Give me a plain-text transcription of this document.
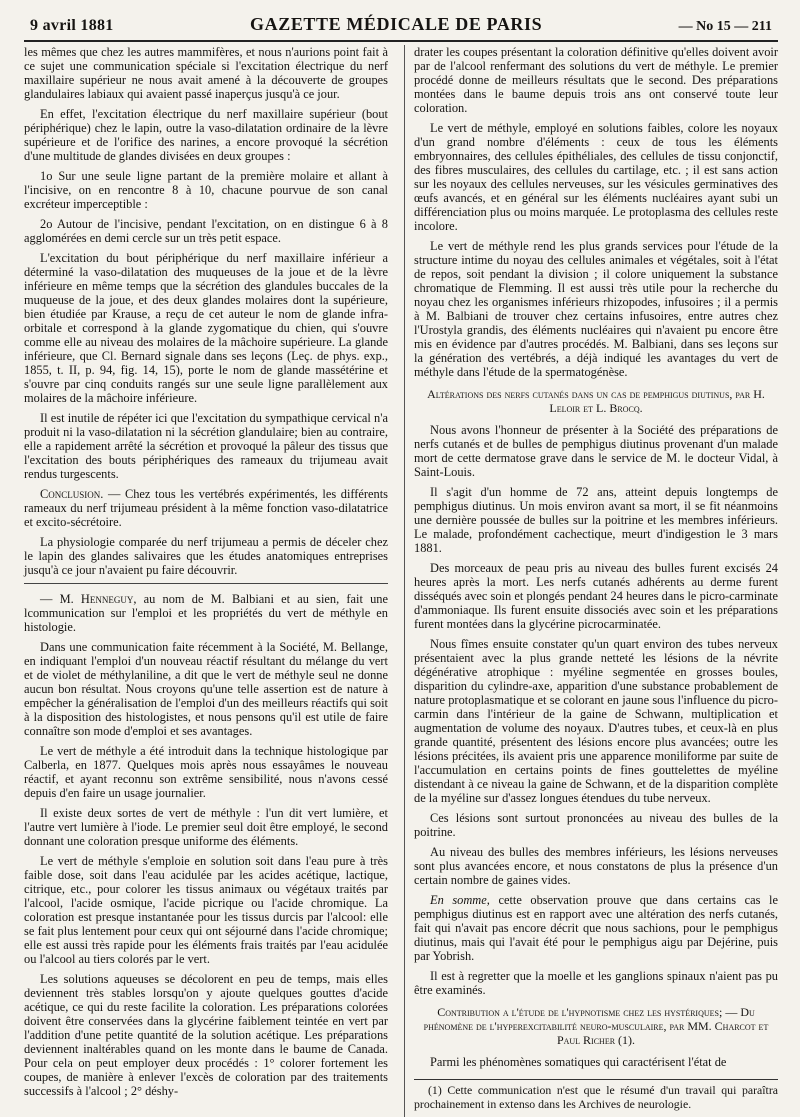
9 avril 1881	GAZETTE MÉDICALE DE PARIS	— No 15 — 211

les mêmes que chez les autres mammifères, et nous n'aurions point fait à ce sujet une communication spéciale si l'excitation électrique du nerf maxillaire supérieur ne nous avait amené à la découverte de groupes glandulaires labiaux qui avaient passé inaperçus jusqu'à ce jour.

En effet, l'excitation électrique du nerf maxillaire supérieur (bout périphérique) chez le lapin, outre la vaso-dilatation ordinaire de la lèvre supérieure et de l'orifice des narines, a encore provoqué la sécrétion d'une multitude de glandes divisées en deux groupes :

1o Sur une seule ligne partant de la première molaire et allant à l'incisive, on en rencontre 8 à 10, chacune pourvue de son canal excréteur imperceptible :

2o Autour de l'incisive, pendant l'excitation, on en distingue 6 à 8 agglomérées en demi cercle sur un très petit espace.

L'excitation du bout périphérique du nerf maxillaire inférieur a déterminé la vaso-dilatation des muqueuses de la joue et de la lèvre inférieure en même temps que la sécrétion des glandules buccales de la muqueuse de la joue, et des deux glandes molaires dont la supérieure, bien étudiée par Krause, a reçu de cet auteur le nom de glande infra-orbitale et correspond à la glande zygomatique du chien, qui s'ouvre comme elle au niveau des molaires de la mâchoire supérieure. La glande inférieure, que Cl. Bernard signale dans ses leçons (Leç. de phys. exp., 1855, t. II, p. 94, fig. 14, 15), porte le nom de glande massétérine et s'ouvre par cinq conduits rangés sur une seule ligne parallèlement aux molaires de la mâchoire inférieure.

Il est inutile de répéter ici que l'excitation du sympathique cervical n'a produit ni la vaso-dilatation ni la sécrétion glandulaire; bien au contraire, elle a rapidement arrêté la sécrétion et provoqué la pâleur des tissus que l'excitation des bouts périphériques des rameaux du trijumeau avait rendus turgescents.

Conclusion. — Chez tous les vertébrés expérimentés, les différents rameaux du nerf trijumeau président à la même fonction vaso-dilatatrice et excito-sécrétoire.

La physiologie comparée du nerf trijumeau a permis de déceler chez le lapin des glandes salivaires que les études anatomiques entreprises jusqu'à ce jour n'avaient pu faire découvrir.

— M. Henneguy, au nom de M. Balbiani et au sien, fait une lcommunication sur l'emploi et les propriétés du vert de méthyle en histologie.

Dans une communication faite récemment à la Société, M. Bellange, en indiquant l'emploi d'un nouveau réactif résultant du mélange du vert et de violet de méthylaniline, a dit que le vert de méthyle seul ne donne aucun bon résultat. Nous croyons qu'une telle assertion est de nature à empêcher la généralisation de l'emploi d'un des meilleurs réactifs qui soit à la disposition des histologistes, et nous pensons qu'il est utile de faire connaître son mode d'emploi et ses avantages.

Le vert de méthyle a été introduit dans la technique histologique par Calberla, en 1877. Quelques mois après nous essayâmes le nouveau réactif, et ayant reconnu son extrême sensibilité, nous n'avons cessé depuis d'en faire un usage journalier.

Il existe deux sortes de vert de méthyle : l'un dit vert lumière, et l'autre vert lumière à l'iode. Le premier seul doit être employé, le second donnant une coloration presque uniforme des éléments.

Le vert de méthyle s'emploie en solution soit dans l'eau pure à très faible dose, soit dans l'eau acidulée par les acides acétique, lactique, citrique, etc., pour colorer les tissus animaux ou végétaux traités par l'alcool, l'acide osmique, l'acide picrique ou l'acide chromique. La coloration est presque instantanée pour les tissus durcis par l'alcool: elle se fait plus lentement pour ceux qui ont séjourné dans l'acide chromique; elle est aussi très rapide pour les éléments frais traités par l'eau acidulée ou l'alcool au tiers colorés par le vert.

Les solutions aqueuses se décolorent en peu de temps, mais elles deviennent très stables lorsqu'on y ajoute quelques gouttes d'acide acétique, ce qui du reste facilite la coloration. Les préparations colorées doivent être conservées dans la glycérine faiblement teintée en vert par l'addition d'une petite quantité de la solution acétique. Les préparations deviennent inaltérables quand on les monte dans le baume de Canada. Pour cela on peut employer deux procédés : 1° colorer fortement les coupes, de manière à enlever l'excès de coloration par des traitements successifs à l'alcool ; 2° déshy-

drater les coupes présentant la coloration définitive qu'elles doivent avoir par de l'alcool renfermant des solutions du vert de méthyle. Le premier procédé donne de meilleurs résultats que le second. Des préparations montées dans le baume depuis trois ans ont conservé toute leur coloration.

Le vert de méthyle, employé en solutions faibles, colore les noyaux d'un grand nombre d'éléments : ceux de tous les éléments embryonnaires, des cellules épithéliales, des cellules de tissu conjonctif, des fibres musculaires, des cellules du cartilage, etc. ; il est sans action sur les noyaux des cellules nerveuses, sur les vésicules germinatives des œufs avancés, et en général sur les éléments nucléaires ayant subi un différenciation plus ou moins marquée. Le protoplasma des cellules reste incolore.

Le vert de méthyle rend les plus grands services pour l'étude de la structure intime du noyau des cellules animales et végétales, soit à l'état de repos, soit pendant la division ; il colore uniquement la substance chromatique de Flemming. Il est aussi très utile pour la recherche du noyau chez les organismes inférieurs rhizopodes, infusoires ; il a permis à M. Balbiani de trouver chez certains infusoires, entre autres chez l'Urostyla grandis, des éléments nucléaires qui n'avaient pu encore être mis en évidence par d'autres procédés. M. Balbiani, dans ses leçons sur la génération des vertébrés, a déjà indiqué les avantages du vert de méthyle dans l'étude de la spermatogénèse.

Altérations des nerfs cutanés dans un cas de pemphigus diutinus, par H. Leloir et L. Brocq.

Nous avons l'honneur de présenter à la Société des préparations de nerfs cutanés et de bulles de pemphigus diutinus provenant d'un malade mort de cette dermatose grave dans le service de M. le docteur Vidal, à Saint-Louis.

Il s'agit d'un homme de 72 ans, atteint depuis longtemps de pemphigus diutinus. Un mois environ avant sa mort, il se fit néanmoins une dernière poussée de bulles sur la poitrine et les membres inférieurs. Le malade, profondément cachectique, meurt d'indigestion le 3 mars 1881.

Des morceaux de peau pris au niveau des bulles furent excisés 24 heures après la mort. Les nerfs cutanés adhérents au derme furent disséqués avec soin et plongés pendant 24 heures dans le picro-carminate d'ammoniaque. Ils furent ensuite dissociés avec soin et les préparations furent montées dans la glycérine picrocarminatée.

Nous fîmes ensuite constater qu'un quart environ des tubes nerveux présentaient avec la plus grande netteté les lésions de la névrite dégénérative atrophique : myéline segmentée en grosses boules, disparition du cylindre-axe, apparition d'une substance probablement de nature protoplasmatique et se colorant en jaune sous l'influence du picro-carmin dans l'intérieur de la gaine de Schwann, multiplication et augmentation de volume des noyaux. D'autres tubes, et ceux-là en plus grande quantité, présentent des lésions encore plus avancées; outre les lésions précitées, ils avaient pris une apparence moniliforme par suite de l'accumulation en certains points de fines gouttelettes de myéline distendant à ce niveau la gaine de Schwann, et de la disparition complète de la myéline sur d'assez longues étendues du tube nerveux.

Ces lésions sont surtout prononcées au niveau des bulles de la poitrine.

Au niveau des bulles des membres inférieurs, les lésions nerveuses sont plus avancées encore, et nous constatons de plus la présence d'un certain nombre de gaines vides.

En somme, cette observation prouve que dans certains cas le pemphigus diutinus est en rapport avec une altération des nerfs cutanés, fait qui n'avait pas encore décrit que nous sachions, pour le pemphigus diutinus, mais qui l'avait été pour le pemphigus aigu par Dejérine, puis par Yobrish.

Il est à regretter que la moelle et les ganglions spinaux n'aient pas pu être examinés.

Contribution a l'étude de l'hypnotisme chez les hystériques; — Du phénomène de l'hyperexcitabilité neuro-musculaire, par MM. Charcot et Paul Richer (1).

Parmi les phénomènes somatiques qui caractérisent l'état de

(1) Cette communication n'est que le résumé d'un travail qui paraîtra prochainement in extenso dans les Archives de neurologie.
